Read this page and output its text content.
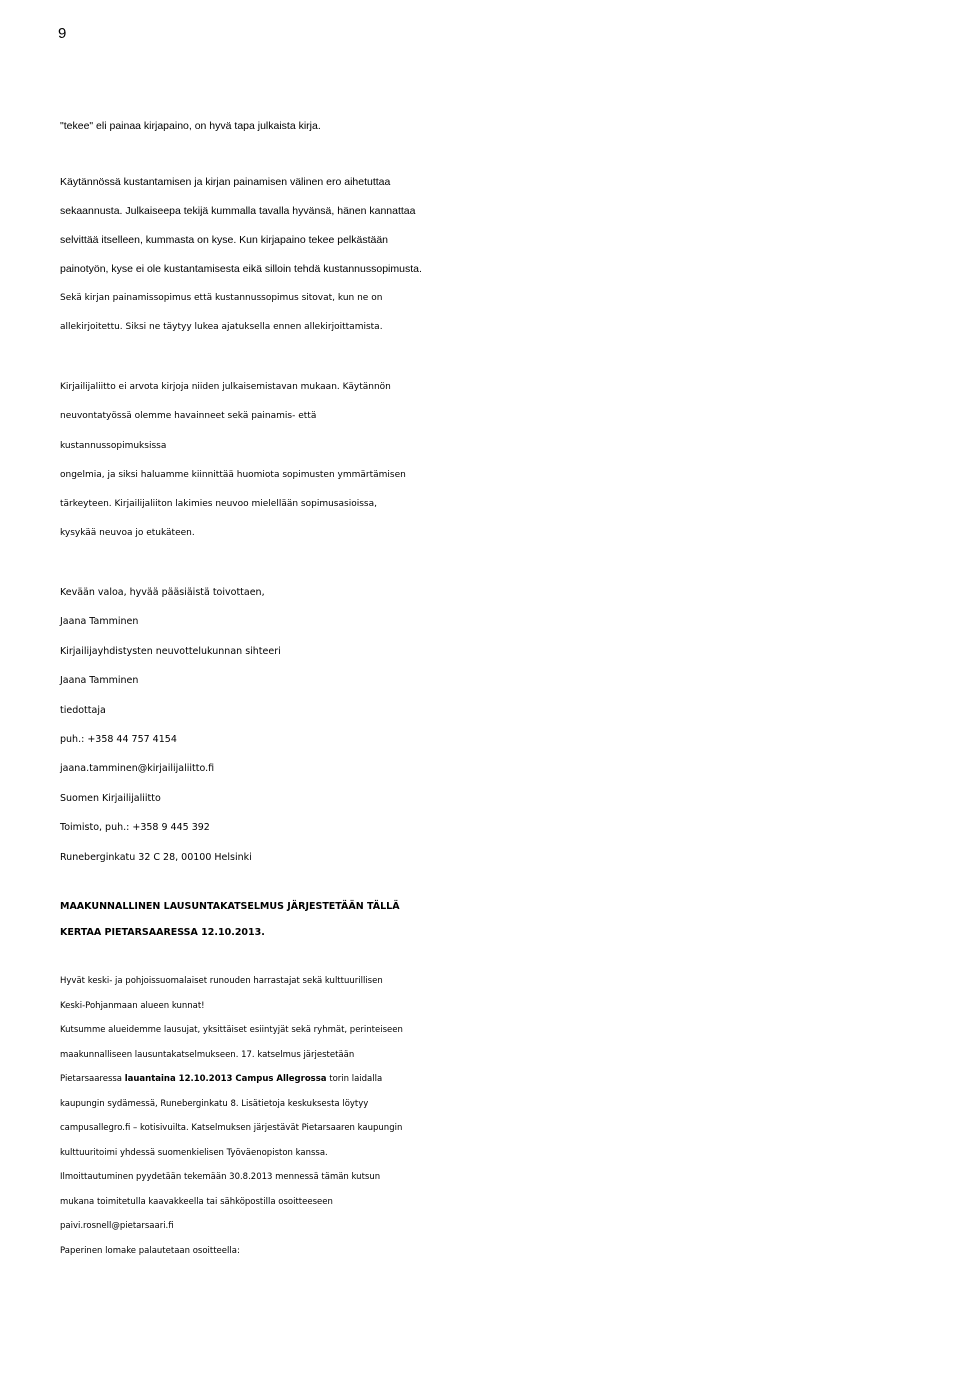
9
"tekee" eli painaa kirjapaino, on hyvä tapa julkaista kirja.
Käytännössä kustantamisen ja kirjan painamisen välinen ero aihetuttaa
sekaannusta. Julkaiseepa tekijä kummalla tavalla hyvänsä, hänen kannattaa
selvittää itselleen, kummasta on kyse. Kun kirjapaino tekee pelkästään
painotyön, kyse ei ole kustantamisesta eikä silloin tehdä kustannussopimusta.
Sekä kirjan painamissopimus että kustannussopimus sitovat, kun ne on
allekirjoitettu. Siksi ne täytyy lukea ajatuksella ennen allekirjoittamista.
Kirjailijaliitto ei arvota kirjoja niiden julkaisemistavan mukaan. Käytännön
neuvontatyössä olemme havainneet sekä painamis- että
kustannussopimuksissa
ongelmia, ja siksi haluamme kiinnittää huomiota sopimusten ymmärtämisen
tärkeyteen. Kirjailijaliiton lakimies neuvoo mielellään sopimusasioissa,
kysykää neuvoa jo etukäteen.
Kevään valoa, hyvää pääsiäistä toivottaen,
Jaana Tamminen
Kirjailijayhdistysten neuvottelukunnan sihteeri
Jaana Tamminen
tiedottaja
puh.: +358 44 757 4154
jaana.tamminen@kirjailijaliitto.fi
Suomen Kirjailijaliitto
Toimisto, puh.: +358 9 445 392
Runeberginkatu 32 C 28, 00100 Helsinki
MAAKUNNALLINEN LAUSUNTAKATSELMUS JÄRJESTETÄÄN TÄLLÄ
KERTAA PIETARSAARESSA 12.10.2013.
Hyvät keski- ja pohjoissuomalaiset runouden harrastajat sekä kulttuurillisen
Keski-Pohjanmaan alueen kunnat!
Kutsumme alueidemme lausujat, yksittäiset esiintyjät sekä ryhmät, perinteiseen
maakunnalliseen lausuntakatselmukseen. 17. katselmus järjestetään
Pietarsaaressa lauantaina 12.10.2013 Campus Allegrossa torin laidalla
kaupungin sydämessä, Runeberginkatu 8. Lisätietoja keskuksesta löytyy
campusallegro.fi – kotisivuilta. Katselmuksen järjestävät Pietarsaaren kaupungin
kulttuuritoimi yhdessä suomenkielisen Työväenopiston kanssa.
Ilmoittautuminen pyydetään tekemään 30.8.2013 mennessä tämän kutsun
mukana toimitetulla kaavakkeella tai sähköpostilla osoitteeseen
paivi.rosnell@pietarsaari.fi
Paperinen lomake palautetaan osoitteella:
